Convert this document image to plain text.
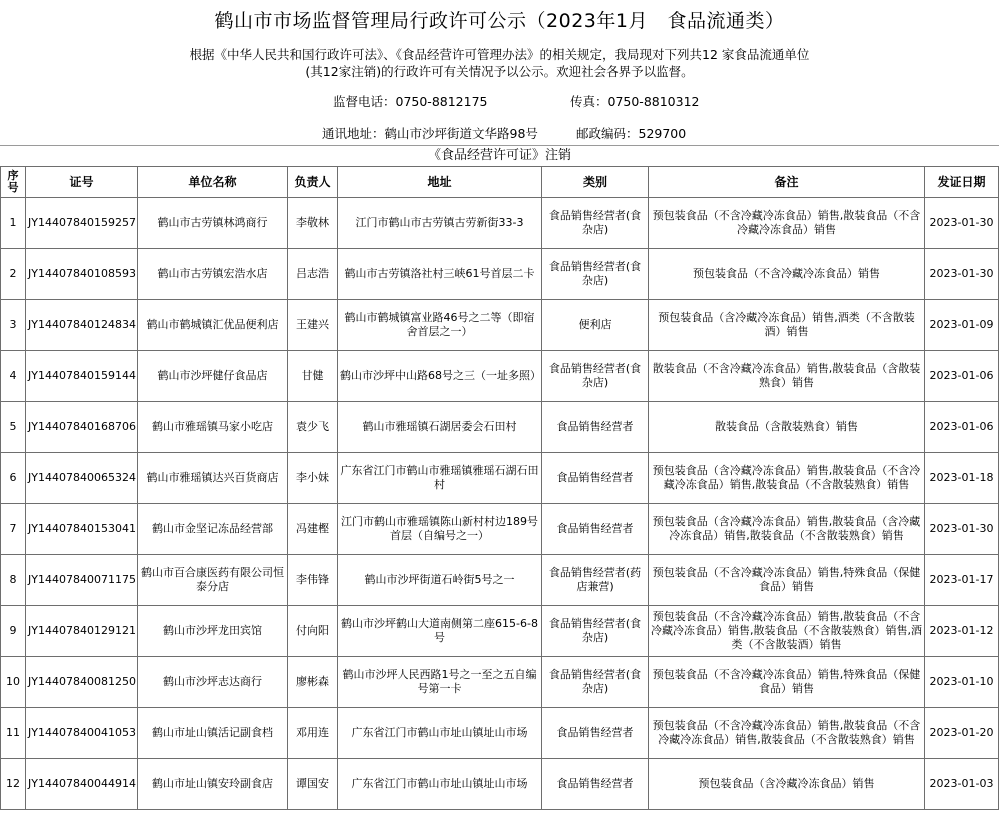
鹤山市市场监督管理局行政许可公示（2023年1月　食品流通类）
根据《中华人民共和国行政许可法》、《食品经营许可管理办法》的相关规定，我局现对下列共12 家食品流通单位
(其12家注销)的行政许可有关情况予以公示。欢迎社会各界予以监督。
监督电话：0750-8812175	传真：0750-8810312
通讯地址：鹤山市沙坪街道文华路98号	邮政编码：529700
《食品经营许可证》注销
序号	证号	单位名称	负责人	地址	类别	备注	发证日期
1	JY14407840159257	鹤山市古劳镇林鸿商行	李敬林	江门市鹤山市古劳镇古劳新街33-3	食品销售经营者(食杂店)	预包装食品（不含冷藏冷冻食品）销售,散装食品（不含冷藏冷冻食品）销售	2023-01-30
2	JY14407840108593	鹤山市古劳镇宏浩水店	吕志浩	鹤山市古劳镇洛社村三峡61号首层二卡	食品销售经营者(食杂店)	预包装食品（不含冷藏冷冻食品）销售	2023-01-30
3	JY14407840124834	鹤山市鹤城镇汇优品便利店	王建兴	鹤山市鹤城镇富业路46号之二等（即宿舍首层之一）	便利店	预包装食品（含冷藏冷冻食品）销售,酒类（不含散装酒）销售	2023-01-09
4	JY14407840159144	鹤山市沙坪健仔食品店	甘健	鹤山市沙坪中山路68号之三（一址多照）	食品销售经营者(食杂店)	散装食品（不含冷藏冷冻食品）销售,散装食品（含散装熟食）销售	2023-01-06
5	JY14407840168706	鹤山市雅瑶镇马家小吃店	袁少飞	鹤山市雅瑶镇石湖居委会石田村	食品销售经营者	散装食品（含散装熟食）销售	2023-01-06
6	JY14407840065324	鹤山市雅瑶镇达兴百货商店	李小妹	广东省江门市鹤山市雅瑶镇雅瑶石湖石田村	食品销售经营者	预包装食品（含冷藏冷冻食品）销售,散装食品（不含冷藏冷冻食品）销售,散装食品（不含散装熟食）销售	2023-01-18
7	JY14407840153041	鹤山市金坚记冻品经营部	冯建樫	江门市鹤山市雅瑶镇陈山新村村边189号首层（自编号之一）	食品销售经营者	预包装食品（含冷藏冷冻食品）销售,散装食品（含冷藏冷冻食品）销售,散装食品（不含散装熟食）销售	2023-01-30
8	JY14407840071175	鹤山市百合康医药有限公司恒泰分店	李伟锋	鹤山市沙坪街道石岭街5号之一	食品销售经营者(药店兼营)	预包装食品（不含冷藏冷冻食品）销售,特殊食品（保健食品）销售	2023-01-17
9	JY14407840129121	鹤山市沙坪龙田宾馆	付向阳	鹤山市沙坪鹤山大道南侧第二座615-6-8号	食品销售经营者(食杂店)	预包装食品（不含冷藏冷冻食品）销售,散装食品（不含冷藏冷冻食品）销售,散装食品（不含散装熟食）销售,酒类（不含散装酒）销售	2023-01-12
10	JY14407840081250	鹤山市沙坪志达商行	廖彬森	鹤山市沙坪人民西路1号之一至之五自编号第一卡	食品销售经营者(食杂店)	预包装食品（不含冷藏冷冻食品）销售,特殊食品（保健食品）销售	2023-01-10
11	JY14407840041053	鹤山市址山镇活记副食档	邓用连	广东省江门市鹤山市址山镇址山市场	食品销售经营者	预包装食品（不含冷藏冷冻食品）销售,散装食品（不含冷藏冷冻食品）销售,散装食品（不含散装熟食）销售	2023-01-20
12	JY14407840044914	鹤山市址山镇安玲副食店	谭国安	广东省江门市鹤山市址山镇址山市场	食品销售经营者	预包装食品（含冷藏冷冻食品）销售	2023-01-03
